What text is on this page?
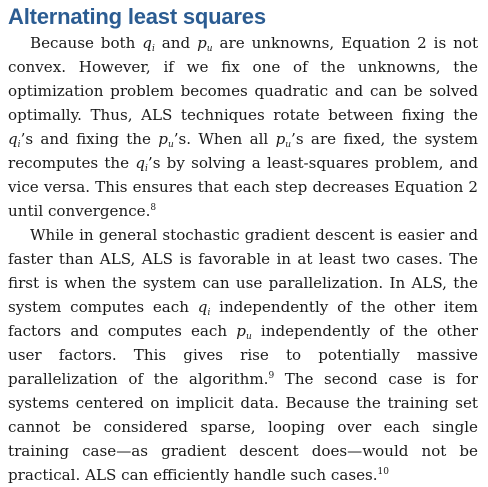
Alternating least squares

Because both $q_i$ and $p_u$ are unknowns, Equation 2 is not convex. However, if we fix one of the unknowns, the optimization problem becomes quadratic and can be solved optimally. Thus, ALS techniques rotate between fixing the $q_i’s$ and fixing the $p_u’s$. When all $p_u’s$ are fixed, the system recomputes the $q_i’s$ by solving a least-squares problem, and vice versa. This ensures that each step decreases Equation 2 until convergence.$^8$

While in general stochastic gradient descent is easier and faster than ALS, ALS is favorable in at least two cases. The first is when the system can use parallelization. In ALS, the system computes each $q_i$ independently of the other item factors and computes each $p_u$ independently of the other user factors. This gives rise to potentially massive parallelization of the algorithm.$^9$ The second case is for systems centered on implicit data. Because the training set cannot be considered sparse, looping over each single training case—as gradient descent does—would not be practical. ALS can efficiently handle such cases.$^{10}$
